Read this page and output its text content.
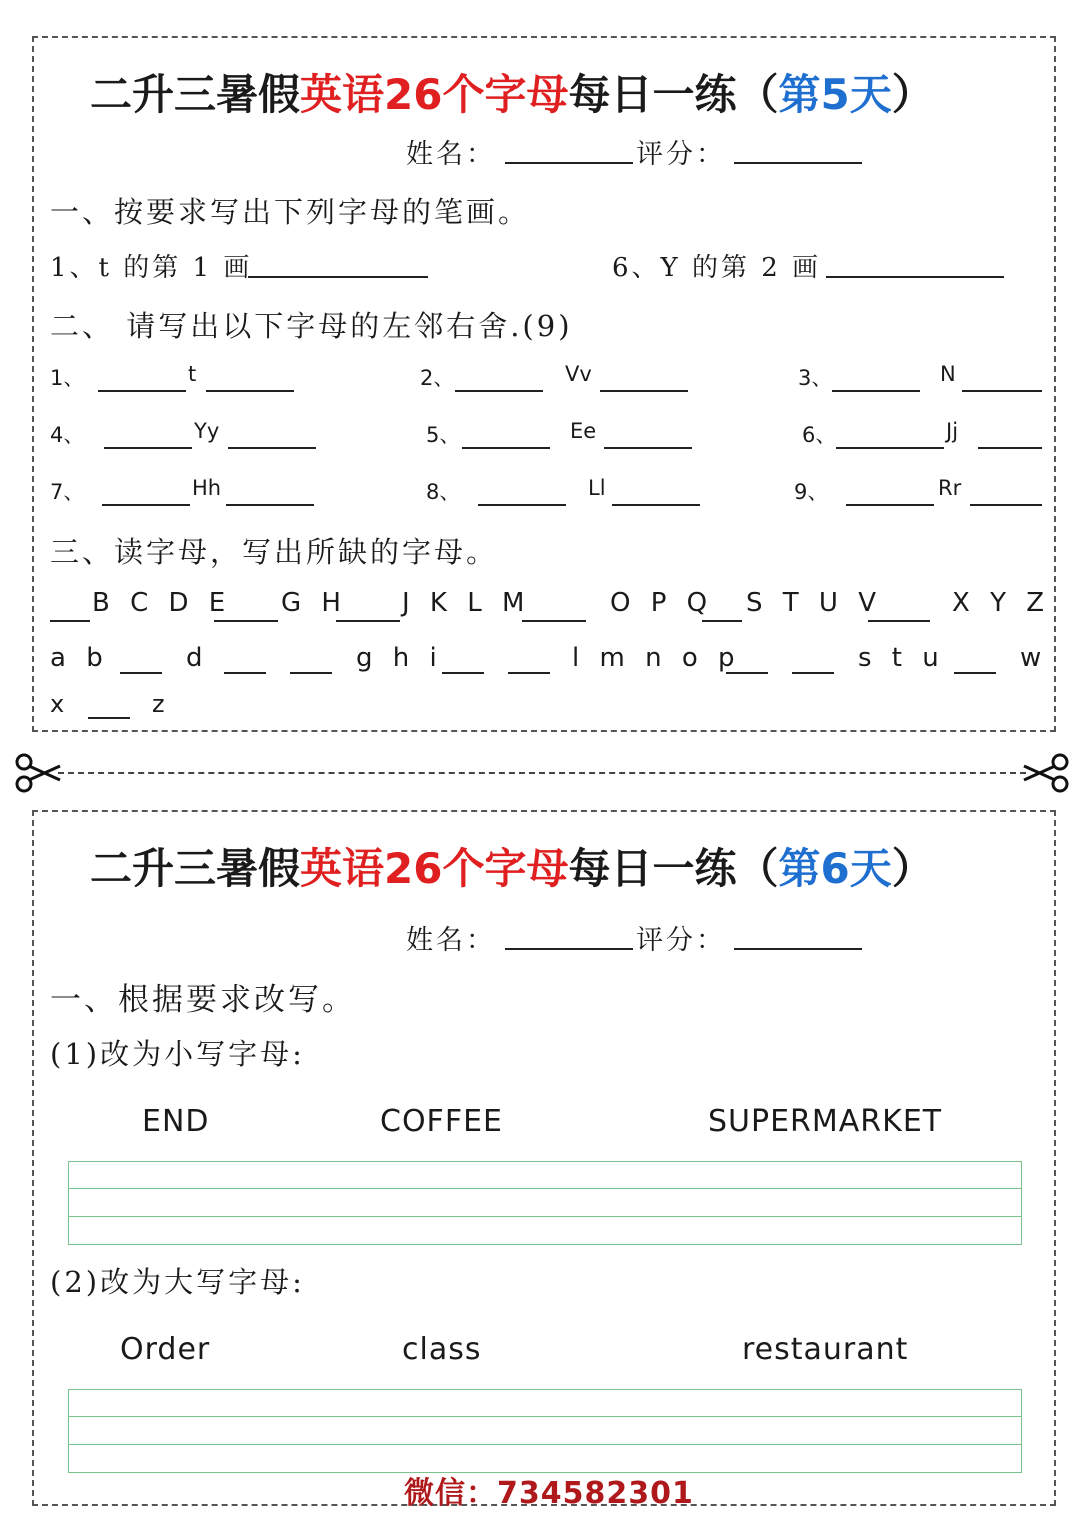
二升三暑假英语26个字母每日一练（第5天）
姓名：	评分：
一、按要求写出下列字母的笔画。
1、t 的第 1 画	6、Y 的第 2 画
二、 请写出以下字母的左邻右舍.(9)
1、	t	2、	Vv	3、	N
4、	Yy	5、	Ee	6、	Jj
7、	Hh	8、	Ll	9、	Rr
三、读字母，写出所缺的字母。
B C D E G H J K L M	O P Q S T U V	X Y Z
a b	d	g h i	l m n o p	s t u	w
x	z
二升三暑假英语26个字母每日一练（第6天）
姓名：	评分：
一、根据要求改写。
(1)改为小写字母:
END	COFFEE	SUPERMARKET
(2)改为大写字母:
Order	class	restaurant
微信：734582301
